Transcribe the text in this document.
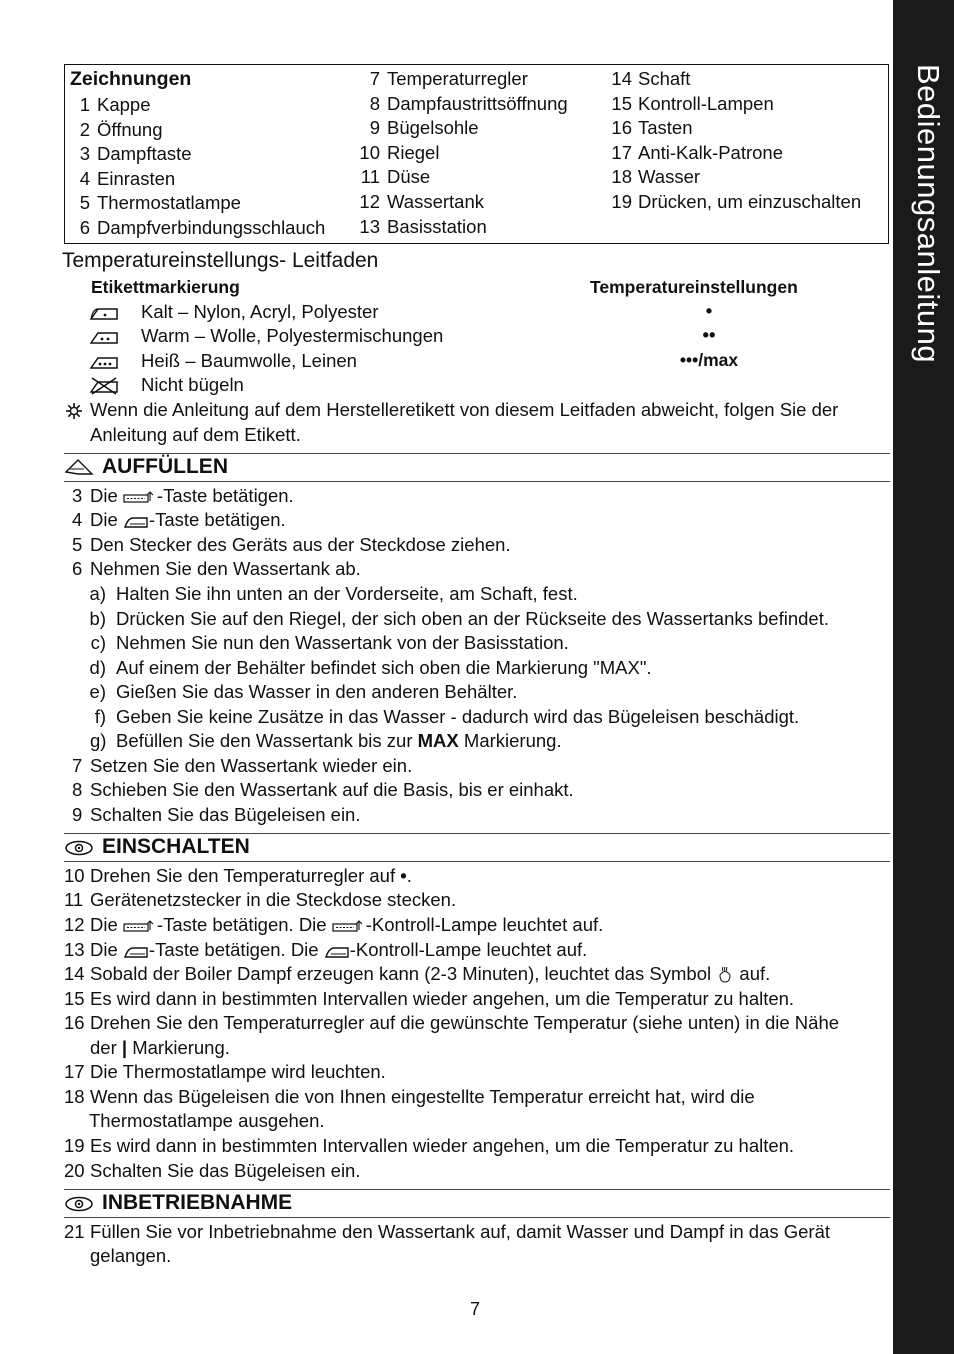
Bedienungsanleitung
Zeichnungen
1 Kappe
2 Öffnung
3 Dampftaste
4 Einrasten
5 Thermostatlampe
6 Dampfverbindungsschlauch
7 Temperaturregler
8 Dampfaustrittsöffnung
9 Bügelsohle
10 Riegel
11 Düse
12 Wassertank
13 Basisstation
14 Schaft
15 Kontroll-Lampen
16 Tasten
17 Anti-Kalk-Patrone
18 Wasser
19 Drücken, um einzuschalten
Temperatureinstellungs- Leitfaden
Etikettmarkierung	Temperatureinstellungen
Kalt – Nylon, Acryl, Polyester
Warm – Wolle, Polyestermischungen
Heiß – Baumwolle, Leinen
Nicht bügeln
•
••
•••/max
Wenn die Anleitung auf dem Herstelleretikett von diesem Leitfaden abweicht, folgen Sie der
Anleitung auf dem Etikett.
AUFFÜLLEN
3 Die -Taste betätigen.
4 Die -Taste betätigen.
5 Den Stecker des Geräts aus der Steckdose ziehen.
6 Nehmen Sie den Wassertank ab.
a) Halten Sie ihn unten an der Vorderseite, am Schaft, fest.
b) Drücken Sie auf den Riegel, der sich oben an der Rückseite des Wassertanks befindet.
c) Nehmen Sie nun den Wassertank von der Basisstation.
d) Auf einem der Behälter befindet sich oben die Markierung "MAX".
e) Gießen Sie das Wasser in den anderen Behälter.
f) Geben Sie keine Zusätze in das Wasser - dadurch wird das Bügeleisen beschädigt.
g) Befüllen Sie den Wassertank bis zur MAX Markierung.
7 Setzen Sie den Wassertank wieder ein.
8 Schieben Sie den Wassertank auf die Basis, bis er einhakt.
9 Schalten Sie das Bügeleisen ein.
EINSCHALTEN
10 Drehen Sie den Temperaturregler auf •.
11 Gerätenetzstecker in die Steckdose stecken.
12 Die -Taste betätigen. Die -Kontroll-Lampe leuchtet auf.
13 Die -Taste betätigen. Die -Kontroll-Lampe leuchtet auf.
14 Sobald der Boiler Dampf erzeugen kann (2-3 Minuten), leuchtet das Symbol  auf.
15 Es wird dann in bestimmten Intervallen wieder angehen, um die Temperatur zu halten.
16 Drehen Sie den Temperaturregler auf die gewünschte Temperatur (siehe unten) in die Nähe
der | Markierung.
17 Die Thermostatlampe wird leuchten.
18 Wenn das Bügeleisen die von Ihnen eingestellte Temperatur erreicht hat, wird die
Thermostatlampe ausgehen.
19 Es wird dann in bestimmten Intervallen wieder angehen, um die Temperatur zu halten.
20 Schalten Sie das Bügeleisen ein.
INBETRIEBNAHME
21 Füllen Sie vor Inbetriebnahme den Wassertank auf, damit Wasser und Dampf in das Gerät
gelangen.
7
